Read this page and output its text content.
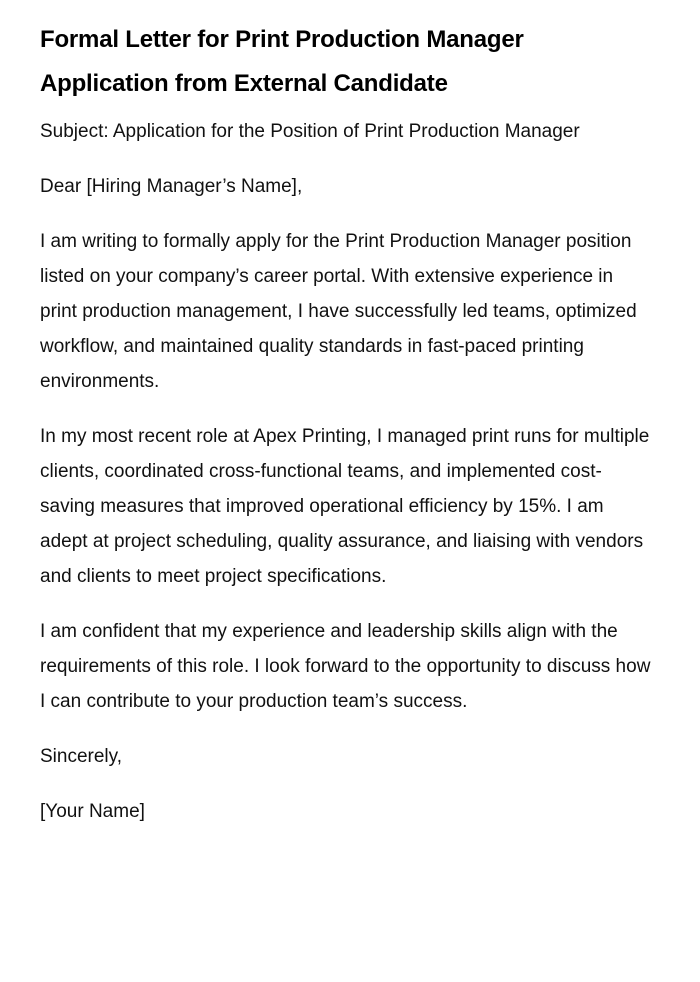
Formal Letter for Print Production Manager Application from External Candidate

Subject: Application for the Position of Print Production Manager

Dear [Hiring Manager’s Name],

I am writing to formally apply for the Print Production Manager position listed on your company’s career portal. With extensive experience in print production management, I have successfully led teams, optimized workflow, and maintained quality standards in fast-paced printing environments.

In my most recent role at Apex Printing, I managed print runs for multiple clients, coordinated cross-functional teams, and implemented cost-saving measures that improved operational efficiency by 15%. I am adept at project scheduling, quality assurance, and liaising with vendors and clients to meet project specifications.

I am confident that my experience and leadership skills align with the requirements of this role. I look forward to the opportunity to discuss how I can contribute to your production team’s success.

Sincerely,

[Your Name]
